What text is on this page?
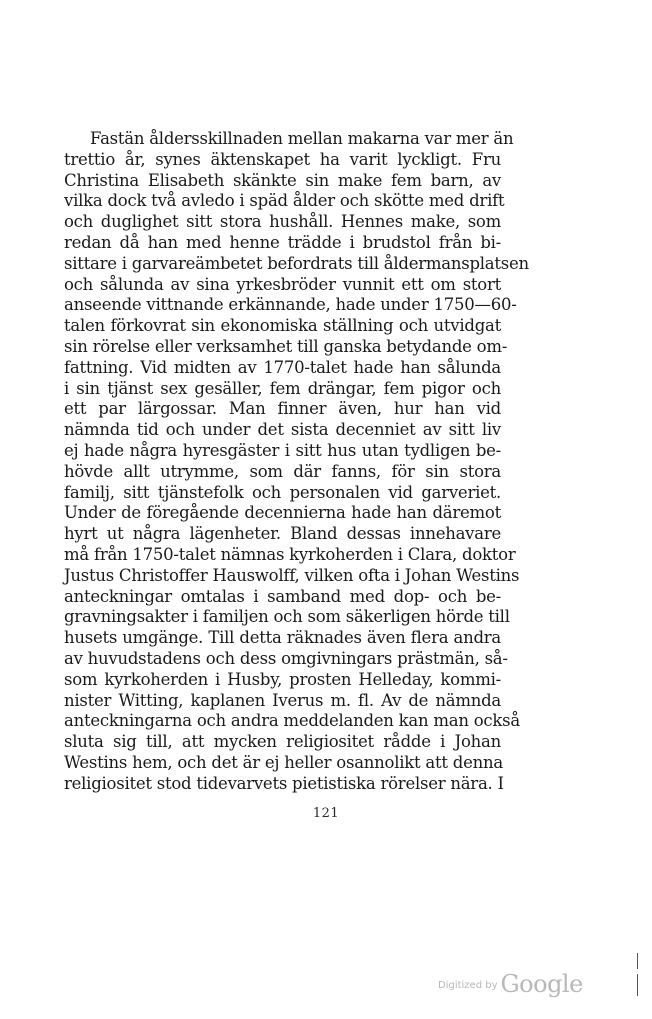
Fastän åldersskillnaden mellan makarna var mer än
trettio år, synes äktenskapet ha varit lyckligt. Fru
Christina Elisabeth skänkte sin make fem barn, av
vilka dock två avledo i späd ålder och skötte med drift
och duglighet sitt stora hushåll. Hennes make, som
redan då han med henne trädde i brudstol från bi-
sittare i garvareämbetet befordrats till åldermansplatsen
och sålunda av sina yrkesbröder vunnit ett om stort
anseende vittnande erkännande, hade under 1750—60-
talen förkovrat sin ekonomiska ställning och utvidgat
sin rörelse eller verksamhet till ganska betydande om-
fattning. Vid midten av 1770-talet hade han sålunda
i sin tjänst sex gesäller, fem drängar, fem pigor och
ett par lärgossar. Man finner även, hur han vid
nämnda tid och under det sista decenniet av sitt liv
ej hade några hyresgäster i sitt hus utan tydligen be-
hövde allt utrymme, som där fanns, för sin stora
familj, sitt tjänstefolk och personalen vid garveriet.
Under de föregående decennierna hade han däremot
hyrt ut några lägenheter. Bland dessas innehavare
må från 1750-talet nämnas kyrkoherden i Clara, doktor
Justus Christoffer Hauswolff, vilken ofta i Johan Westins
anteckningar omtalas i samband med dop- och be-
gravningsakter i familjen och som säkerligen hörde till
husets umgänge. Till detta räknades även flera andra
av huvudstadens och dess omgivningars prästmän, så-
som kyrkoherden i Husby, prosten Helleday, kommi-
nister Witting, kaplanen Iverus m. fl. Av de nämnda
anteckningarna och andra meddelanden kan man också
sluta sig till, att mycken religiositet rådde i Johan
Westins hem, och det är ej heller osannolikt att denna
religiositet stod tidevarvets pietistiska rörelser nära. I
121
$^{Digitized by}$ Google
